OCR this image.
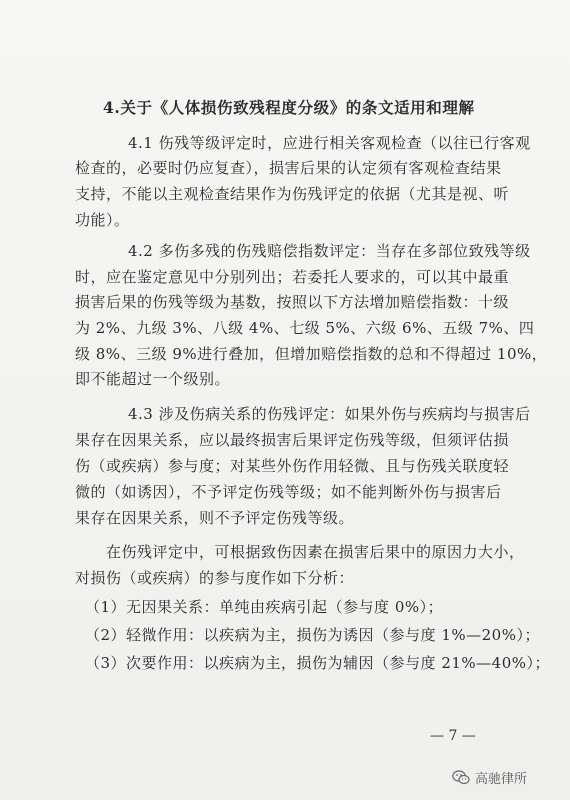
4.关于《人体损伤致残程度分级》的条文适用和理解
4.1 伤残等级评定时，应进行相关客观检查（以往已行客观
检查的，必要时仍应复查），损害后果的认定须有客观检查结果
支持，不能以主观检查结果作为伤残评定的依据（尤其是视、听
功能）。
4.2 多伤多残的伤残赔偿指数评定：当存在多部位致残等级
时，应在鉴定意见中分别列出；若委托人要求的，可以其中最重
损害后果的伤残等级为基数，按照以下方法增加赔偿指数：十级
为 2%、九级 3%、八级 4%、七级 5%、六级 6%、五级 7%、四
级 8%、三级 9%进行叠加，但增加赔偿指数的总和不得超过 10%，
即不能超过一个级别。
4.3 涉及伤病关系的伤残评定：如果外伤与疾病均与损害后
果存在因果关系，应以最终损害后果评定伤残等级，但须评估损
伤（或疾病）参与度；对某些外伤作用轻微、且与伤残关联度轻
微的（如诱因），不予评定伤残等级；如不能判断外伤与损害后
果存在因果关系，则不予评定伤残等级。
在伤残评定中，可根据致伤因素在损害后果中的原因力大小，
对损伤（或疾病）的参与度作如下分析：
（1）无因果关系：单纯由疾病引起（参与度 0%）；
（2）轻微作用：以疾病为主，损伤为诱因（参与度 1%—20%）；
（3）次要作用：以疾病为主，损伤为辅因（参与度 21%—40%）；
— 7 —
高驰律所
